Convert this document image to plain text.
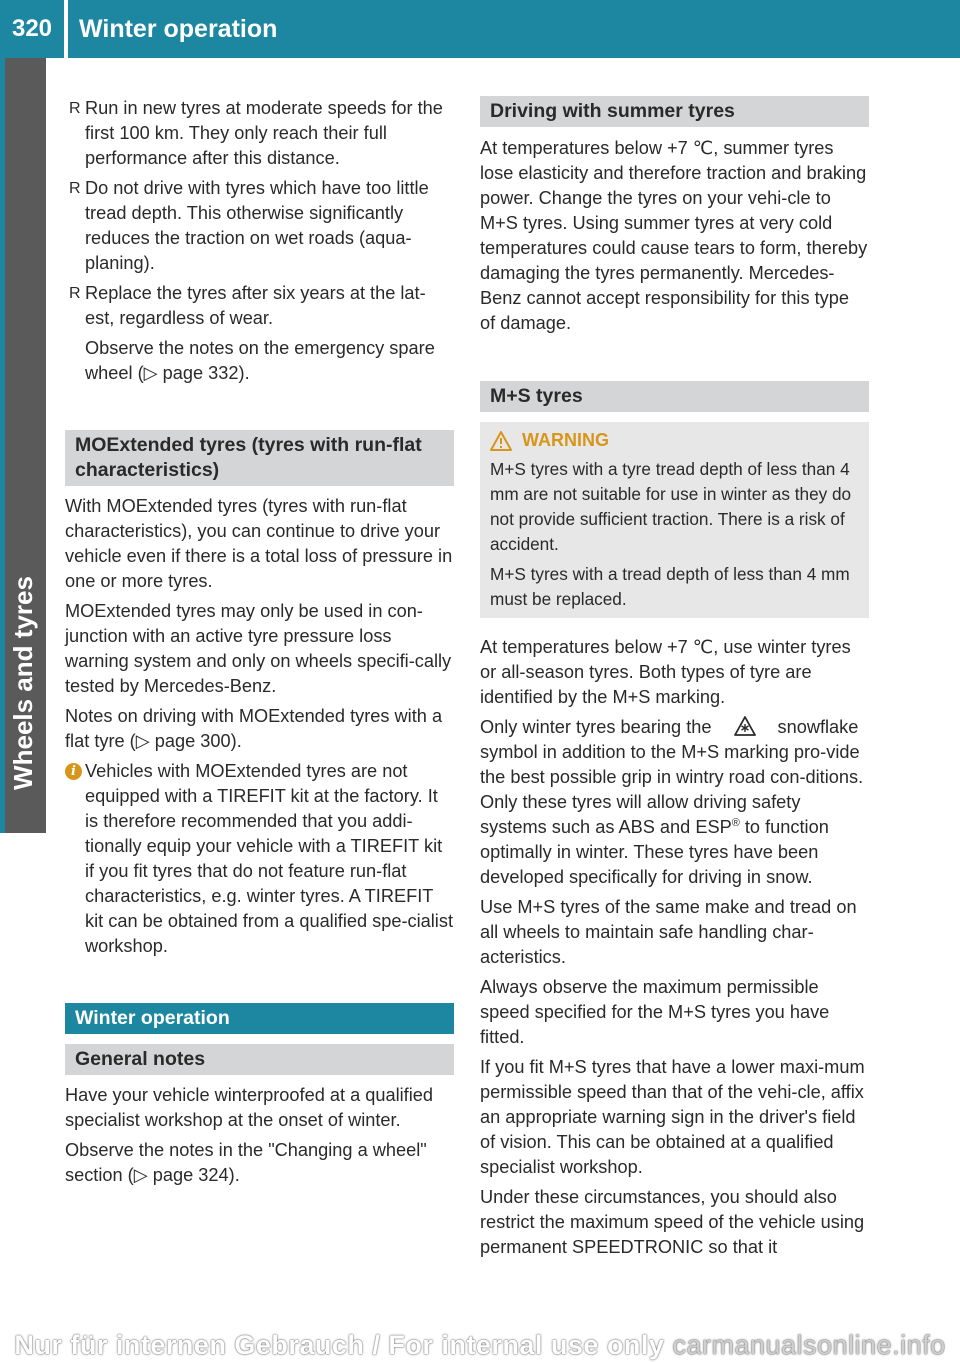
320	Winter operation
Wheels and tyres
R Run in new tyres at moderate speeds for the first 100 km. They only reach their full performance after this distance.
R Do not drive with tyres which have too little tread depth. This otherwise significantly reduces the traction on wet roads (aqua-planing).
R Replace the tyres after six years at the lat-est, regardless of wear.

Observe the notes on the emergency spare wheel (▷ page 332).

MOExtended tyres (tyres with run-flat characteristics)

With MOExtended tyres (tyres with run-flat characteristics), you can continue to drive your vehicle even if there is a total loss of pressure in one or more tyres.

MOExtended tyres may only be used in con-junction with an active tyre pressure loss warning system and only on wheels specifi-cally tested by Mercedes-Benz.

Notes on driving with MOExtended tyres with a flat tyre (▷ page 300).

i Vehicles with MOExtended tyres are not equipped with a TIREFIT kit at the factory. It is therefore recommended that you addi-tionally equip your vehicle with a TIREFIT kit if you fit tyres that do not feature run-flat characteristics, e.g. winter tyres. A TIREFIT kit can be obtained from a qualified spe-cialist workshop.

Winter operation
General notes

Have your vehicle winterproofed at a qualified specialist workshop at the onset of winter.

Observe the notes in the "Changing a wheel" section (▷ page 324).

Driving with summer tyres

At temperatures below +7 ℃, summer tyres lose elasticity and therefore traction and braking power. Change the tyres on your vehi-cle to M+S tyres. Using summer tyres at very cold temperatures could cause tears to form, thereby damaging the tyres permanently. Mercedes-Benz cannot accept responsibility for this type of damage.

M+S tyres
WARNING

M+S tyres with a tyre tread depth of less than 4 mm are not suitable for use in winter as they do not provide sufficient traction. There is a risk of accident.

M+S tyres with a tread depth of less than 4 mm must be replaced.

At temperatures below +7 ℃, use winter tyres or all-season tyres. Both types of tyre are identified by the M+S marking.

Only winter tyres bearing the	snowflake symbol in addition to the M+S marking pro-vide the best possible grip in wintry road con-ditions. Only these tyres will allow driving safety systems such as ABS and ESP® to function optimally in winter. These tyres have been developed specifically for driving in snow.

Use M+S tyres of the same make and tread on all wheels to maintain safe handling char-acteristics.

Always observe the maximum permissible speed specified for the M+S tyres you have fitted.

If you fit M+S tyres that have a lower maxi-mum permissible speed than that of the vehi-cle, affix an appropriate warning sign in the driver's field of vision. This can be obtained at a qualified specialist workshop.

Under these circumstances, you should also restrict the maximum speed of the vehicle using permanent SPEEDTRONIC so that it

Nur für internen Gebrauch / For internal use only carmanualsonline.info
